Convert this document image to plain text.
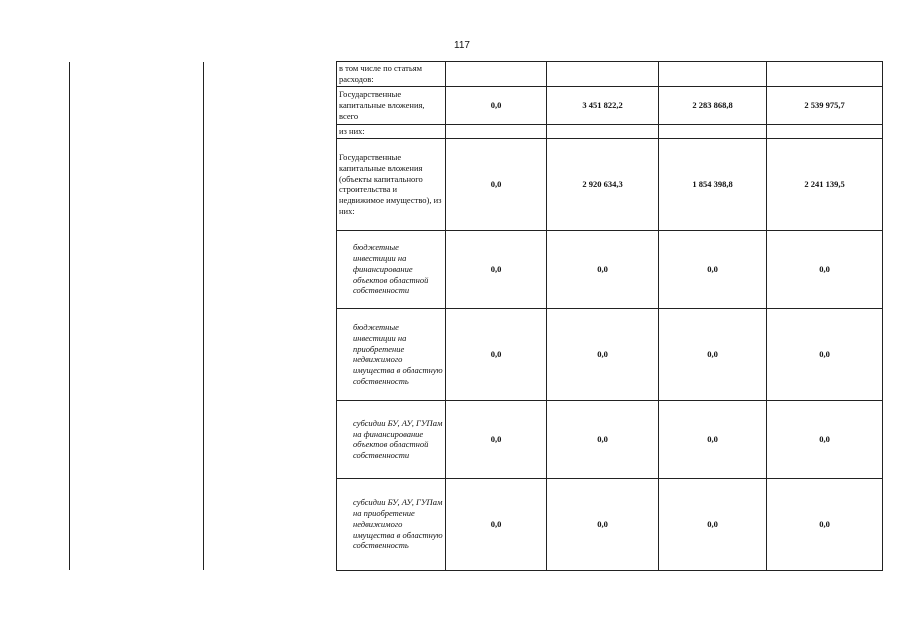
117
в том числе по статьям расходов:				
Государственные капитальные вложения, всего	0,0	3 451 822,2	2 283 868,8	2 539 975,7
из них:				
Государственные капитальные вложения (объекты капитального строительства и недвижимое имущество), из них:	0,0	2 920 634,3	1 854 398,8	2 241 139,5
бюджетные инвестиции на финансирование объектов областной собственности	0,0	0,0	0,0	0,0
бюджетные инвестиции на приобретение недвижимого имущества в областную собственность	0,0	0,0	0,0	0,0
субсидии БУ, АУ, ГУПам на финансирование объектов областной собственности	0,0	0,0	0,0	0,0
субсидии БУ, АУ, ГУПам на приобретение недвижимого имущества в областную собственность	0,0	0,0	0,0	0,0
